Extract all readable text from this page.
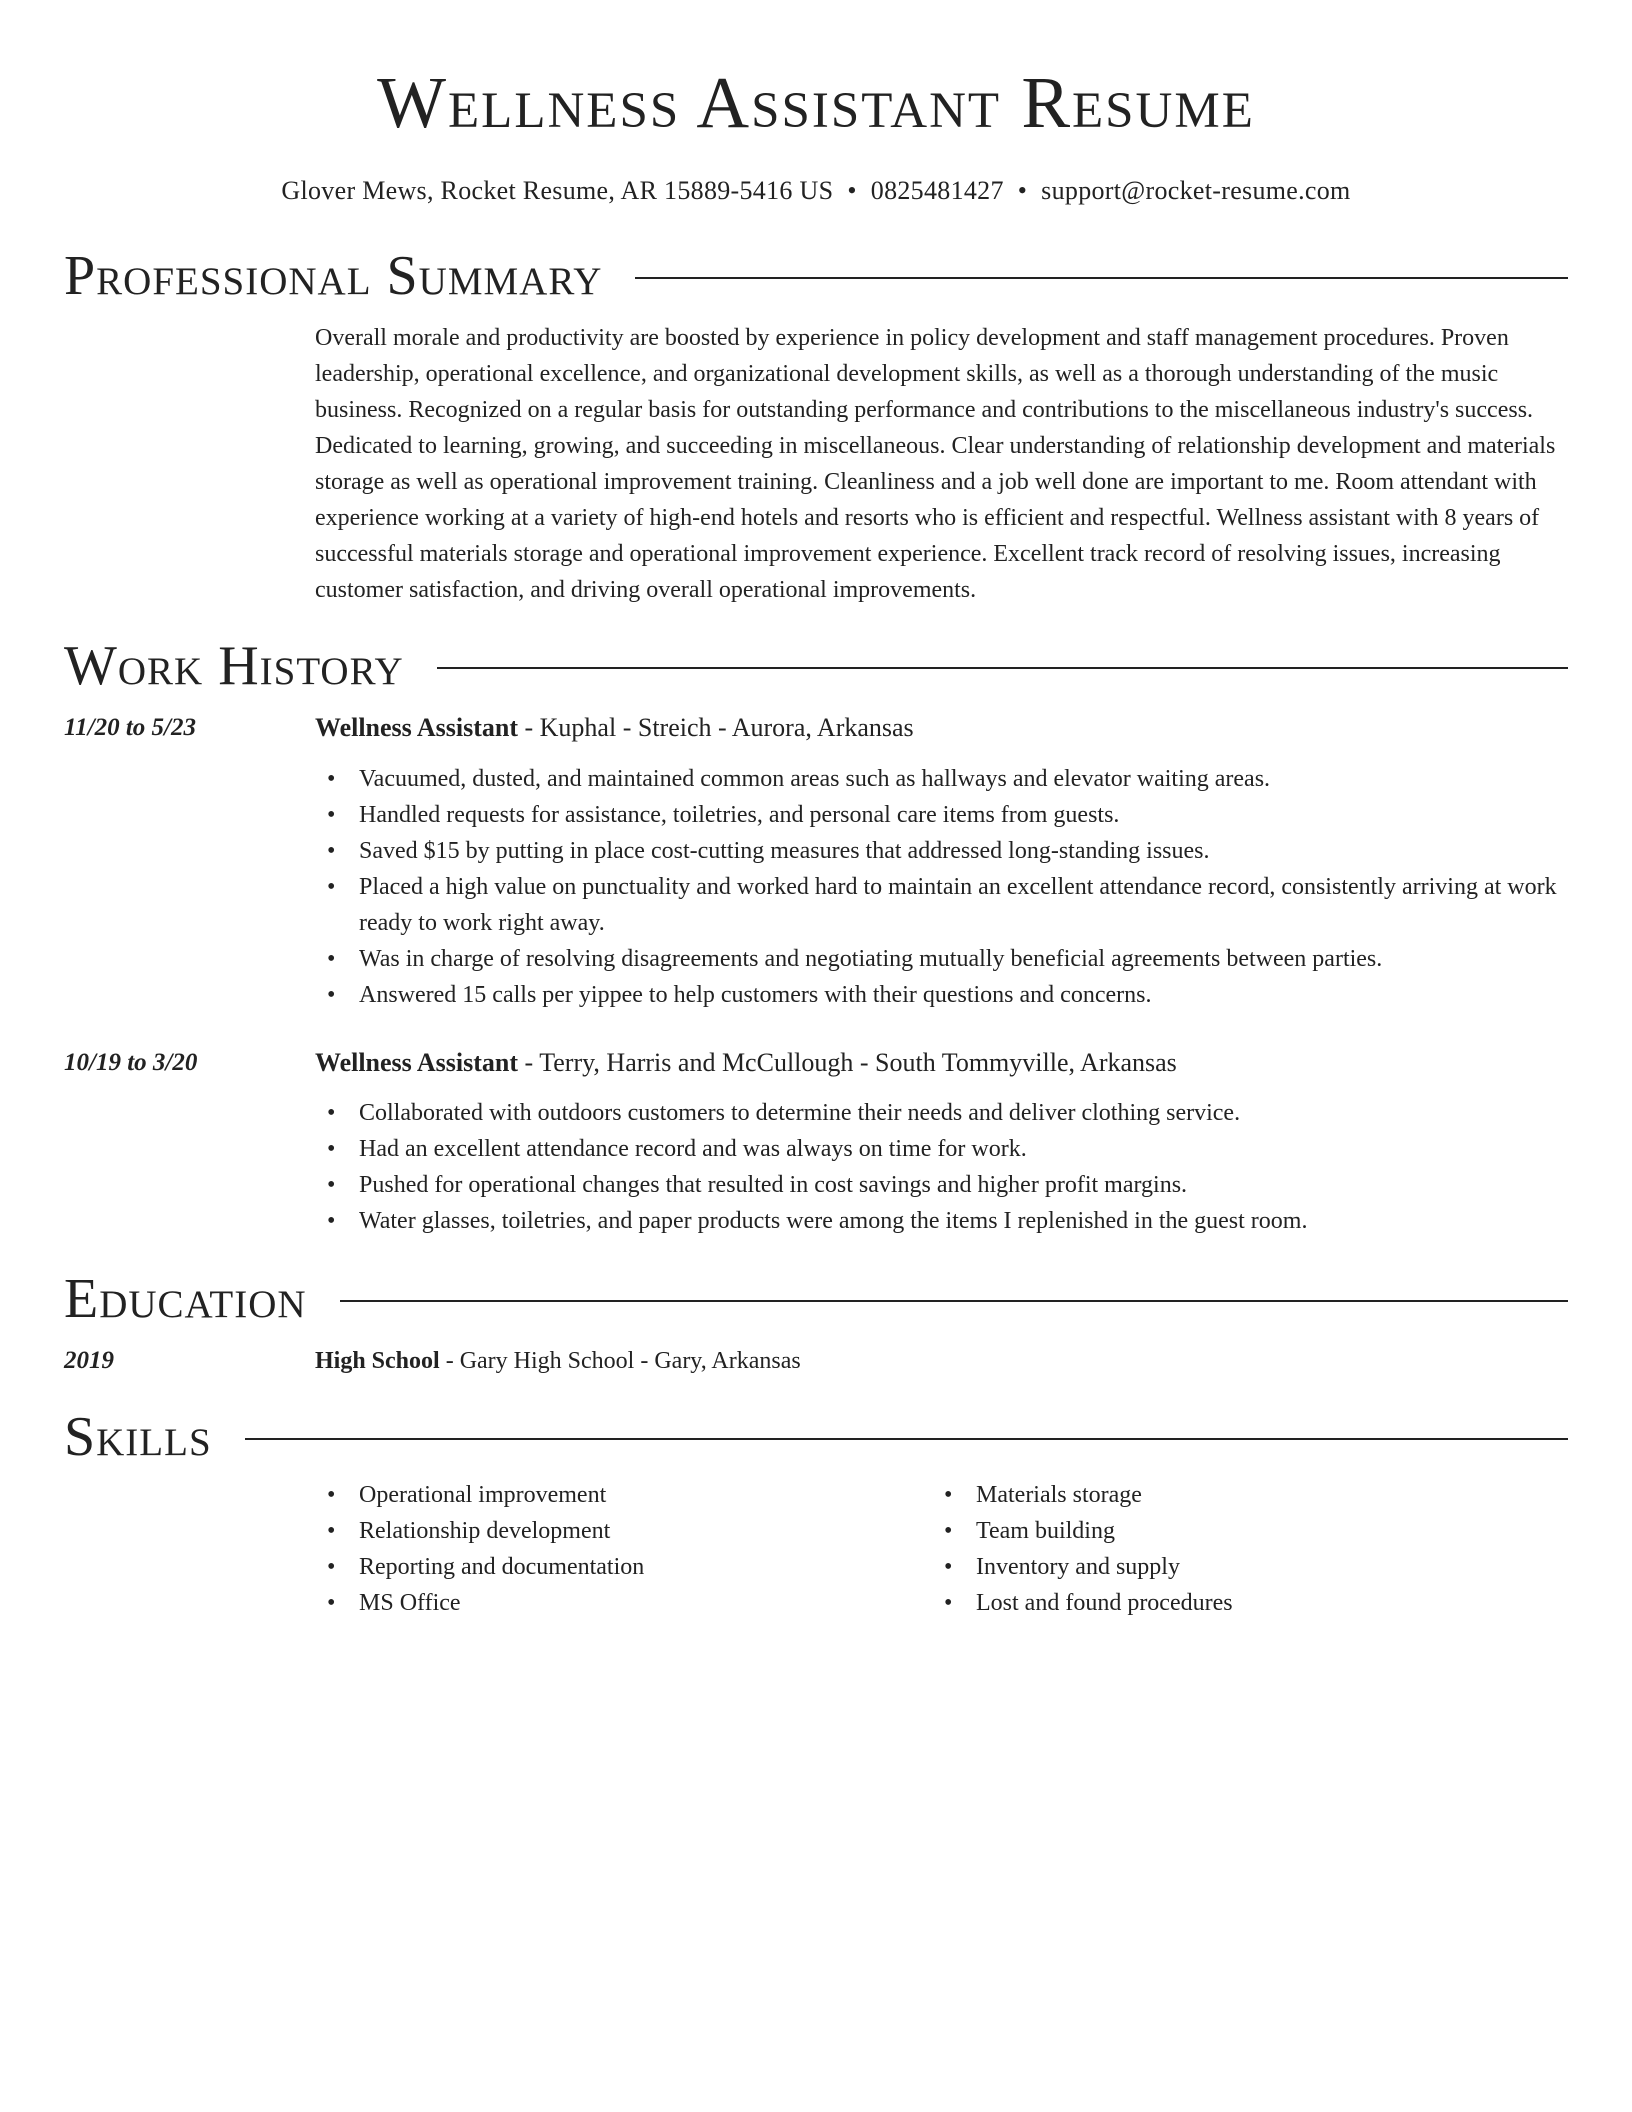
Wellness Assistant Resume
Glover Mews, Rocket Resume, AR 15889-5416 US • 0825481427 • support@rocket-resume.com
Professional Summary
Overall morale and productivity are boosted by experience in policy development and staff management procedures. Proven leadership, operational excellence, and organizational development skills, as well as a thorough understanding of the music business. Recognized on a regular basis for outstanding performance and contributions to the miscellaneous industry's success. Dedicated to learning, growing, and succeeding in miscellaneous. Clear understanding of relationship development and materials storage as well as operational improvement training. Cleanliness and a job well done are important to me. Room attendant with experience working at a variety of high-end hotels and resorts who is efficient and respectful. Wellness assistant with 8 years of successful materials storage and operational improvement experience. Excellent track record of resolving issues, increasing customer satisfaction, and driving overall operational improvements.
Work History
11/20 to 5/23	Wellness Assistant - Kuphal - Streich - Aurora, Arkansas
• Vacuumed, dusted, and maintained common areas such as hallways and elevator waiting areas.
• Handled requests for assistance, toiletries, and personal care items from guests.
• Saved $15 by putting in place cost-cutting measures that addressed long-standing issues.
• Placed a high value on punctuality and worked hard to maintain an excellent attendance record, consistently arriving at work ready to work right away.
• Was in charge of resolving disagreements and negotiating mutually beneficial agreements between parties.
• Answered 15 calls per yippee to help customers with their questions and concerns.
10/19 to 3/20	Wellness Assistant - Terry, Harris and McCullough - South Tommyville, Arkansas
• Collaborated with outdoors customers to determine their needs and deliver clothing service.
• Had an excellent attendance record and was always on time for work.
• Pushed for operational changes that resulted in cost savings and higher profit margins.
• Water glasses, toiletries, and paper products were among the items I replenished in the guest room.
Education
2019	High School - Gary High School - Gary, Arkansas
Skills
• Operational improvement
• Relationship development
• Reporting and documentation
• MS Office
• Materials storage
• Team building
• Inventory and supply
• Lost and found procedures
